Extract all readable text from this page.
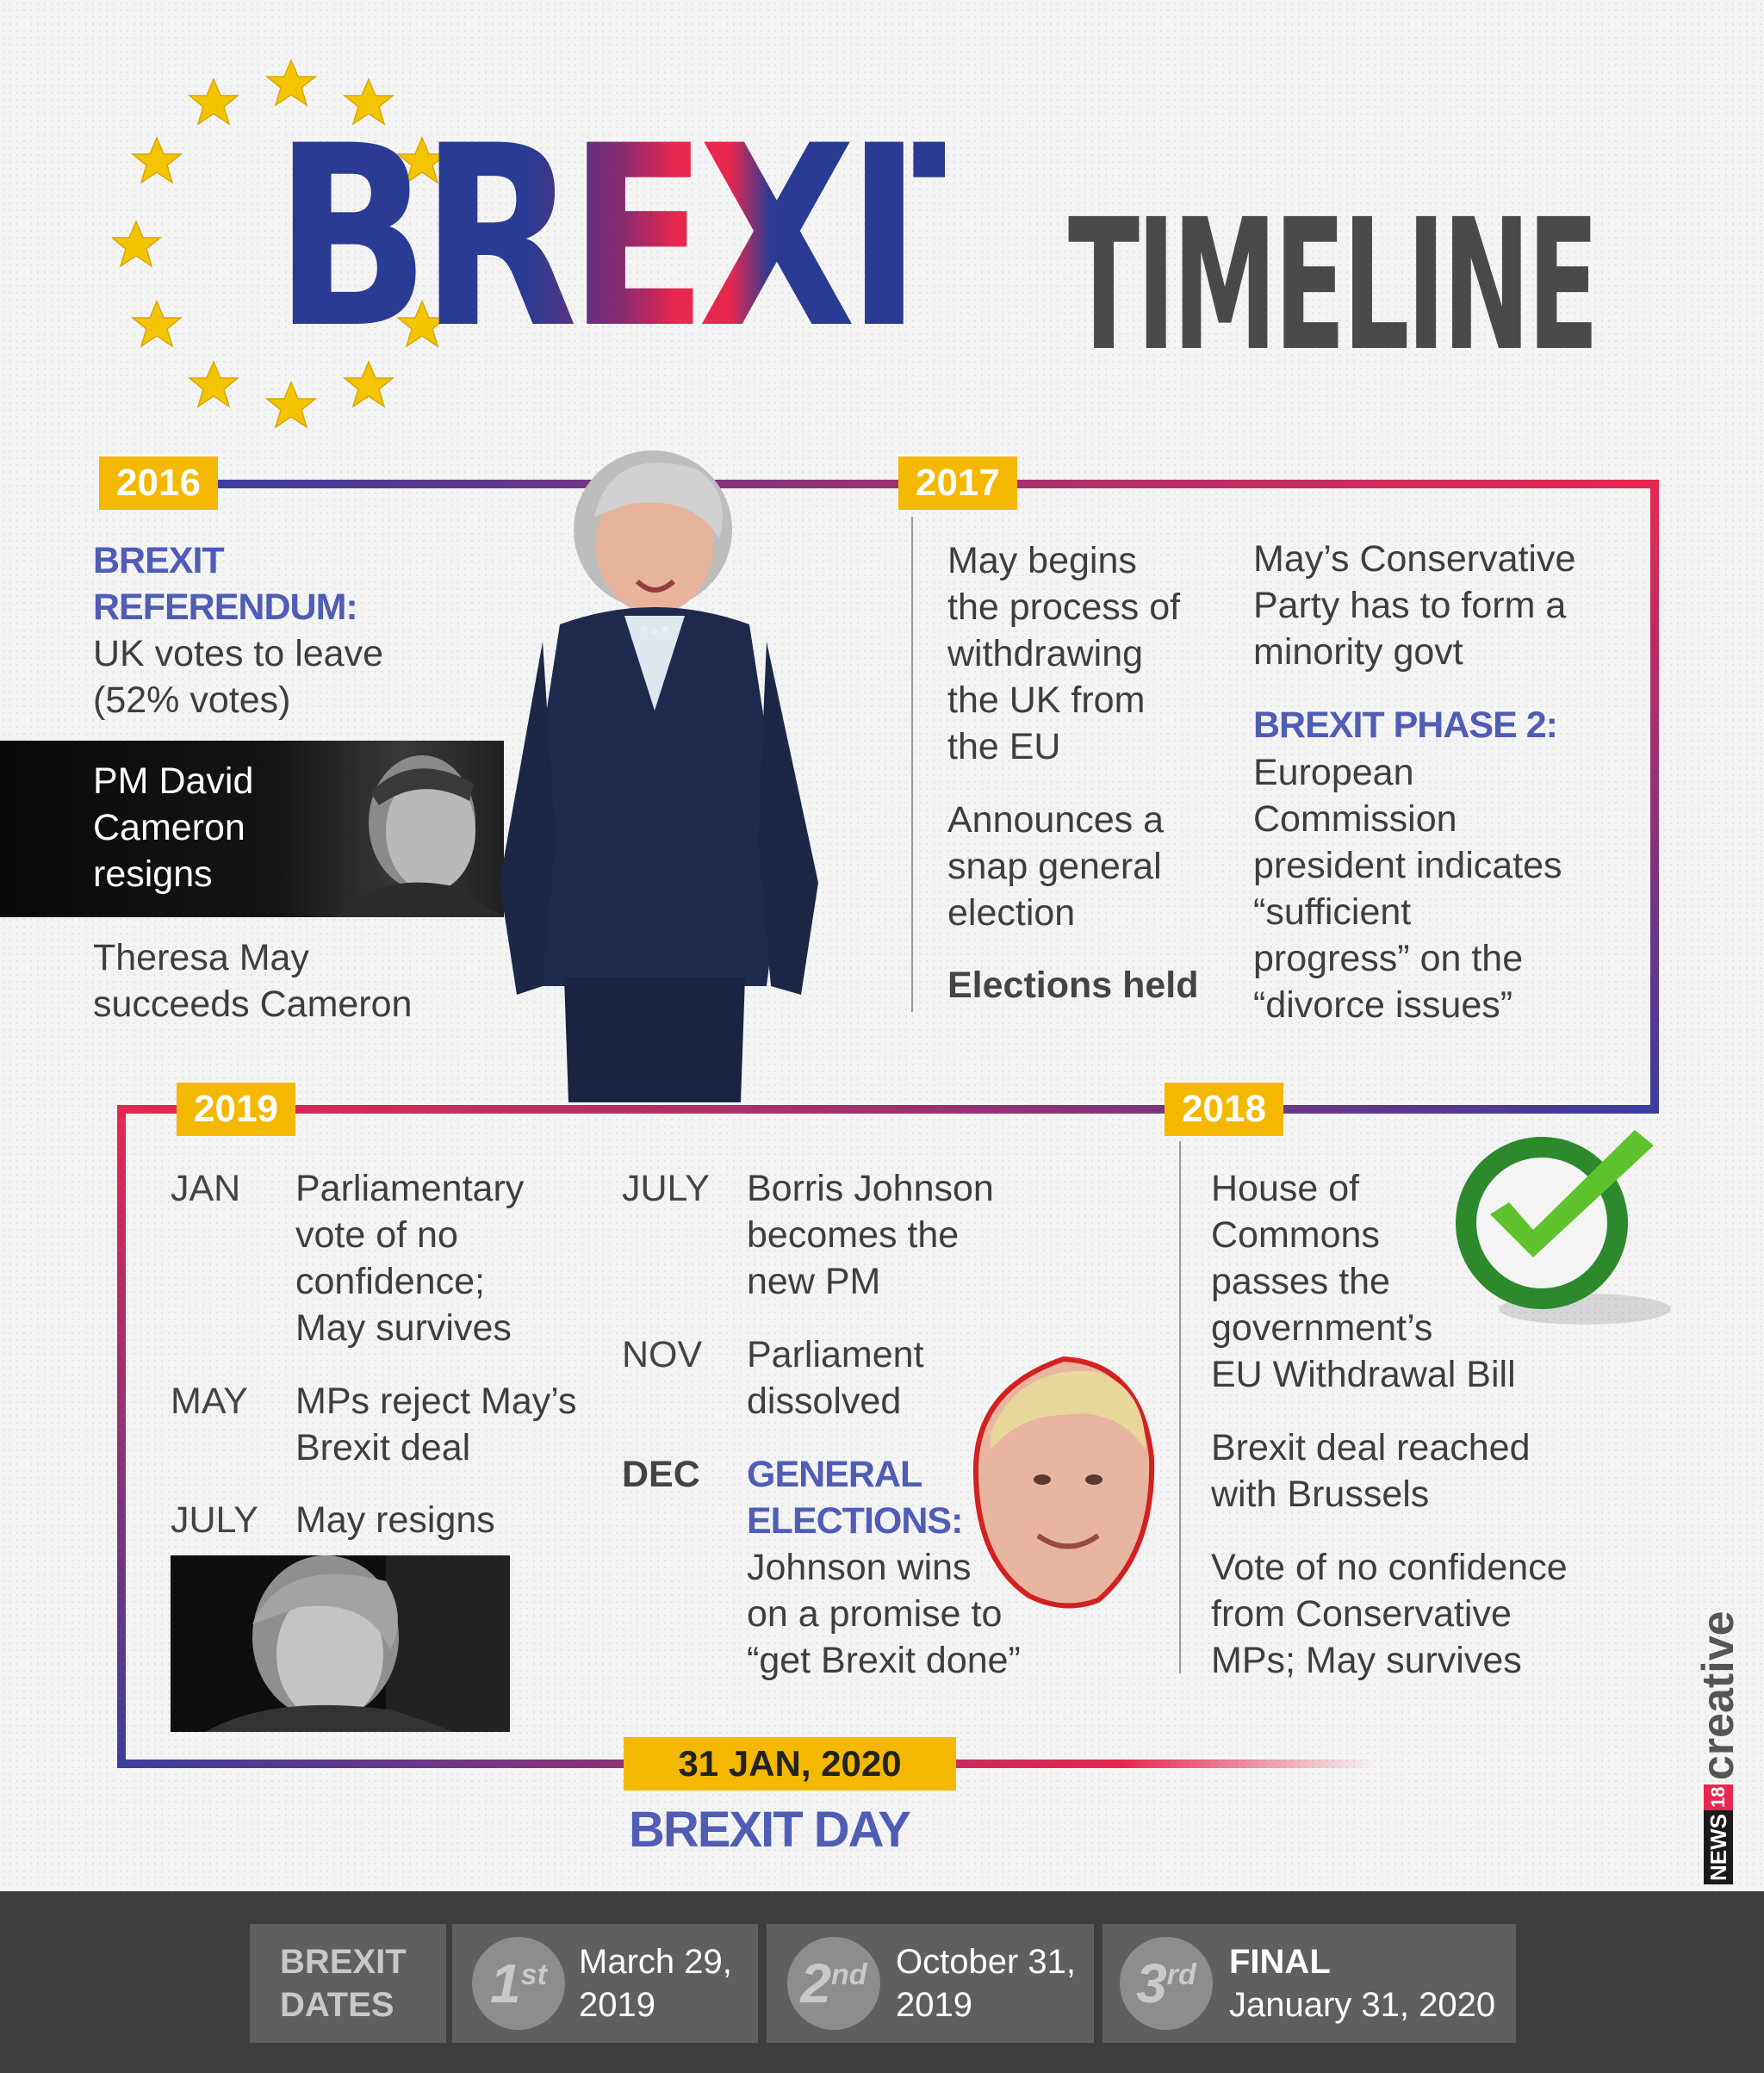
BREXIT TIMELINE
2016
BREXIT
REFERENDUM:
UK votes to leave
(52% votes)
PM David
Cameron
resigns
Theresa May
succeeds Cameron
2017
May begins
the process of
withdrawing
the UK from
the EU
Announces a
snap general
election
Elections held
May’s Conservative
Party has to form a
minority govt
BREXIT PHASE 2:
European
Commission
president indicates
“sufficient
progress” on the
“divorce issues”
2018
House of
Commons
passes the
government’s
EU Withdrawal Bill
Brexit deal reached
with Brussels
Vote of no confidence
from Conservative
MPs; May survives
2019
JAN Parliamentary
vote of no
confidence;
May survives
MAY MPs reject May’s
Brexit deal
JULY May resigns
JULY Borris Johnson
becomes the
new PM
NOV Parliament
dissolved
DEC GENERAL
ELECTIONS:
Johnson wins
on a promise to
“get Brexit done”
31 JAN, 2020
BREXIT DAY	NEWS18 creative
BREXIT
DATES	1st March 29,
2019	2nd October 31,
2019	3rd FINAL
January 31, 2020
